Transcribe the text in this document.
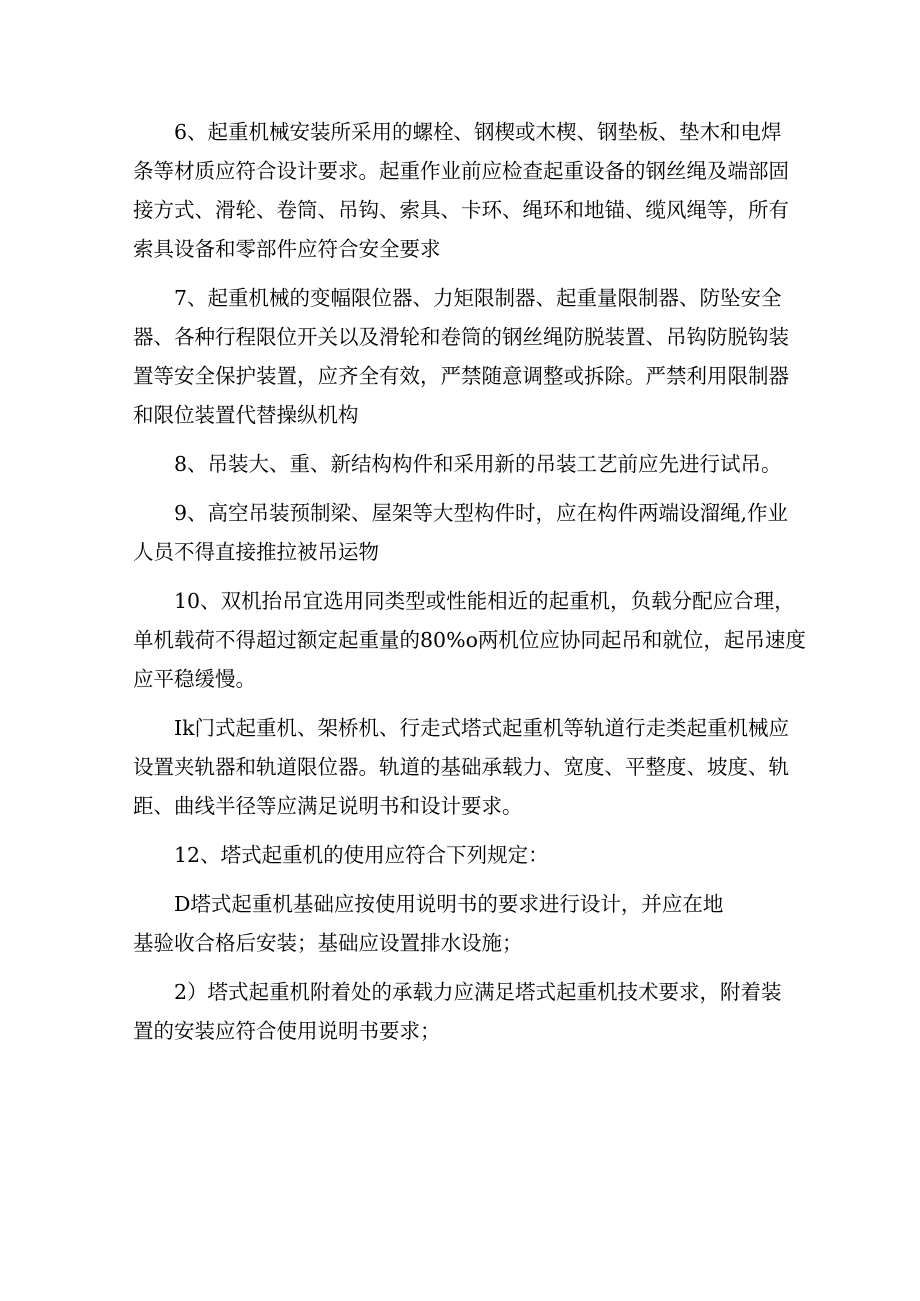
6、起重机械安装所采用的螺栓、钢楔或木楔、钢垫板、垫木和电焊
条等材质应符合设计要求。起重作业前应检查起重设备的钢丝绳及端部固
接方式、滑轮、卷筒、吊钩、索具、卡环、绳环和地锚、缆风绳等，所有
索具设备和零部件应符合安全要求
7、起重机械的变幅限位器、力矩限制器、起重量限制器、防坠安全
器、各种行程限位开关以及滑轮和卷筒的钢丝绳防脱装置、吊钩防脱钩装
置等安全保护装置，应齐全有效，严禁随意调整或拆除。严禁利用限制器
和限位装置代替操纵机构
8、吊装大、重、新结构构件和采用新的吊装工艺前应先进行试吊。
9、高空吊装预制梁、屋架等大型构件时，应在构件两端设溜绳,作业
人员不得直接推拉被吊运物
10、双机抬吊宜选用同类型或性能相近的起重机，负载分配应合理，
单机载荷不得超过额定起重量的80%o两机位应协同起吊和就位，起吊速度
应平稳缓慢。
Ik门式起重机、架桥机、行走式塔式起重机等轨道行走类起重机械应
设置夹轨器和轨道限位器。轨道的基础承载力、宽度、平整度、坡度、轨
距、曲线半径等应满足说明书和设计要求。
12、塔式起重机的使用应符合下列规定：
D塔式起重机基础应按使用说明书的要求进行设计，并应在地
基验收合格后安装；基础应设置排水设施；
2）塔式起重机附着处的承载力应满足塔式起重机技术要求，附着装
置的安装应符合使用说明书要求；
